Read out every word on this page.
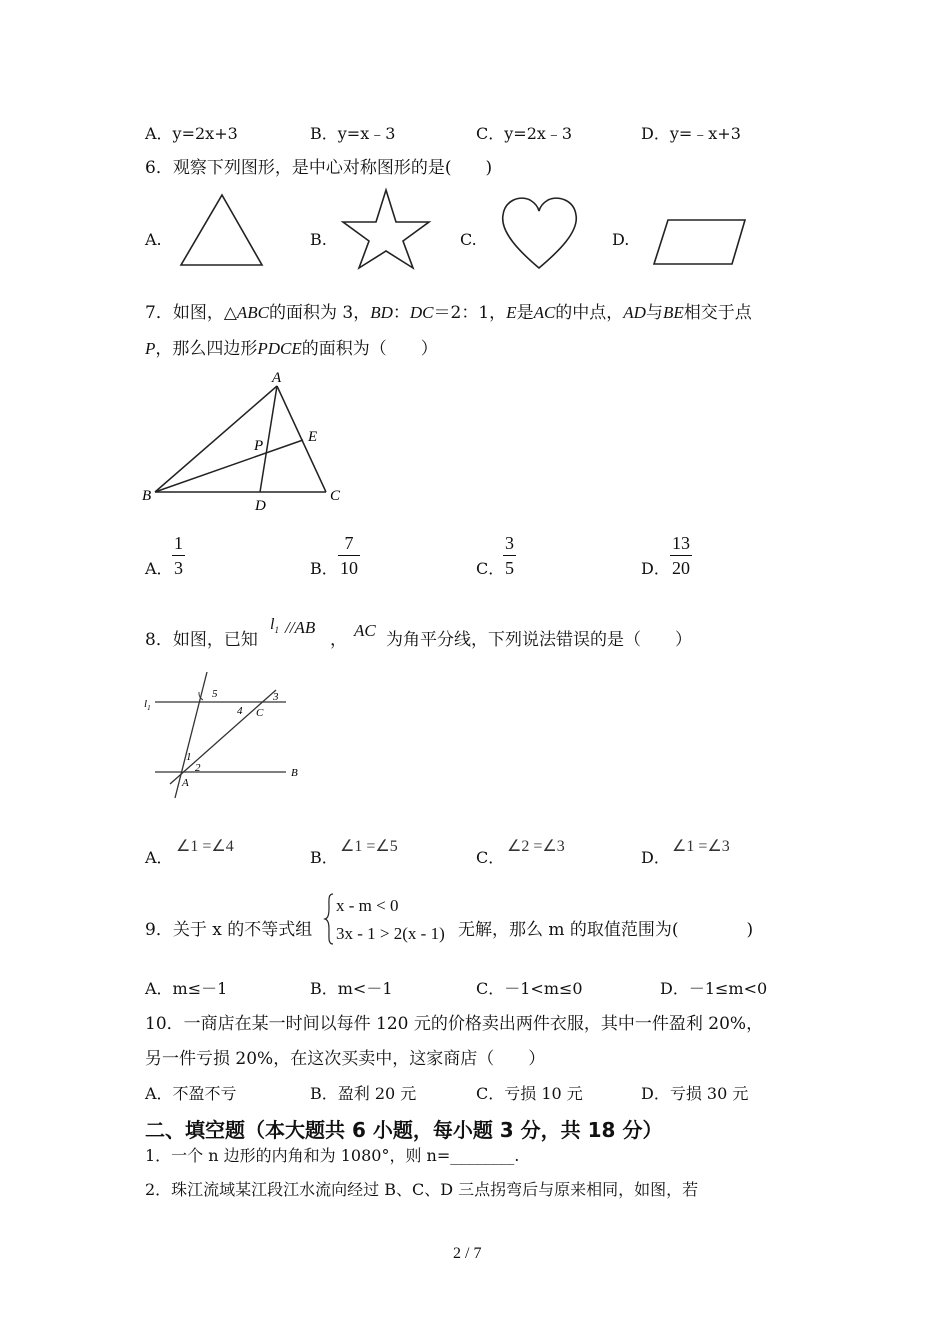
A．y=2x+3	B．y=x﹣3	C．y=2x﹣3	D．y=﹣x+3
6．观察下列图形，是中心对称图形的是(　　)
A.	B.	C.	D.
7．如图，△ABC的面积为 3，BD：DC＝2：1，E是AC的中点，AD与BE相交于点
P，那么四边形PDCE的面积为（　　）
A
B	C
D
E
P
A．
1
3	B．
7
10	C．
3
5	D．
13
20
8．如图，已知
$l_1$ //AB
， AC 为角平分线，下列说法错误的是（　　）
$l_1$
5	3
4 C
1
2
A
B
A．
∠1 =∠4
B．
∠1 =∠5
C．
∠2 =∠3
D．
∠1 =∠3
9．关于 x 的不等式组
x - m < 0
3x - 1 > 2(x - 1) 无解，那么 m 的取值范围为(　　　　)
A．m≤－1	B．m<－1	C．－1<m≤0	D．－1≤m<0
10．一商店在某一时间以每件 120 元的价格卖出两件衣服，其中一件盈利 20%，
另一件亏损 20%，在这次买卖中，这家商店（　　）
A．不盈不亏	B．盈利 20 元	C．亏损 10 元	D．亏损 30 元
二、填空题（本大题共 6 小题，每小题 3 分，共 18 分）
1．一个 n 边形的内角和为 1080°，则 n=________.
2．珠江流域某江段江水流向经过 B、C、D 三点拐弯后与原来相同，如图，若
2 / 7
